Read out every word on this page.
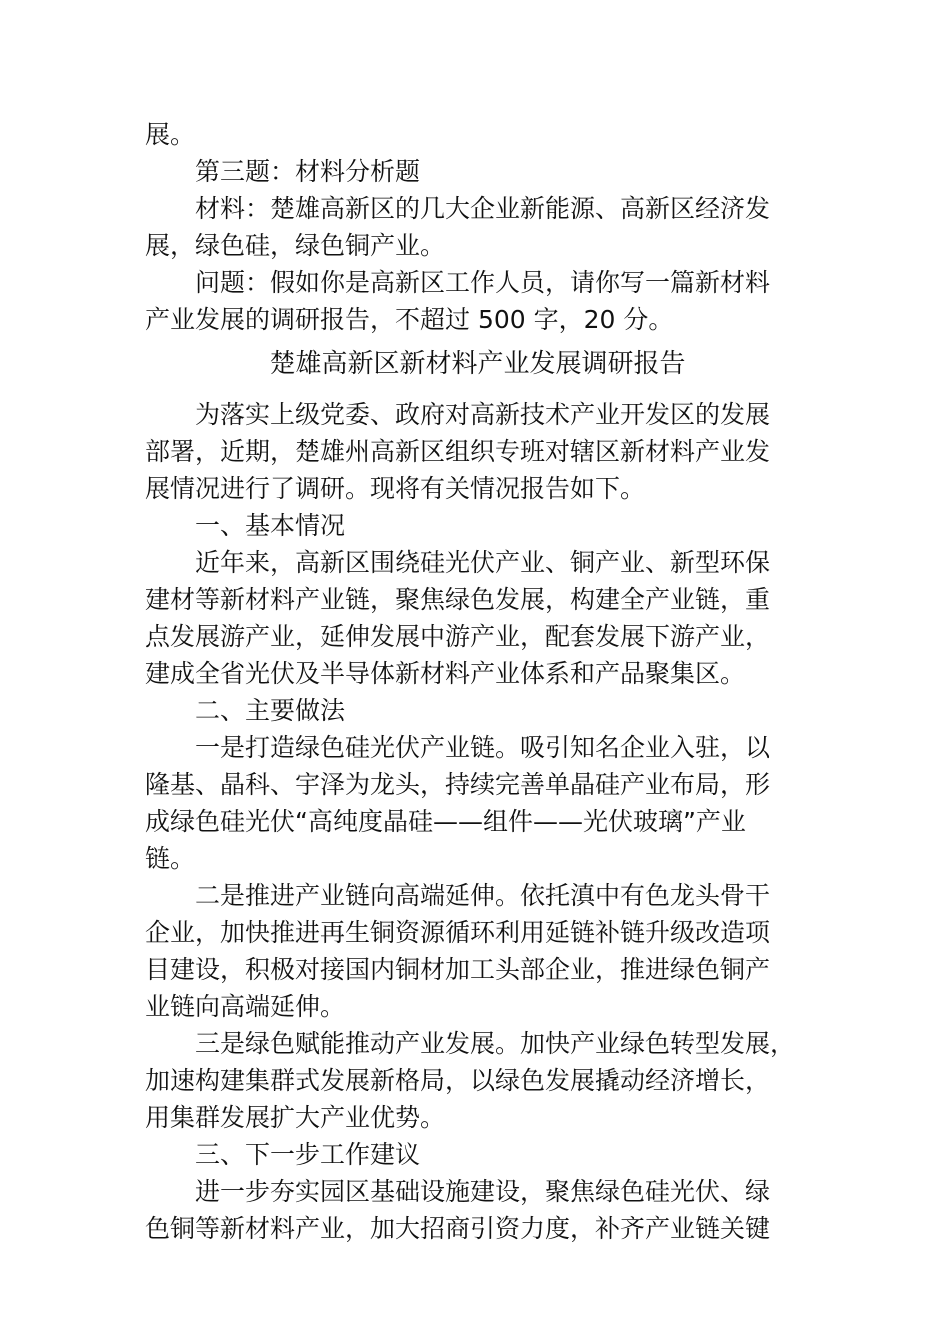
展。
第三题：材料分析题
材料：楚雄高新区的几大企业新能源、高新区经济发
展，绿色硅，绿色铜产业。
问题：假如你是高新区工作人员，请你写一篇新材料
产业发展的调研报告，不超过 500 字，20 分。
楚雄高新区新材料产业发展调研报告
为落实上级党委、政府对高新技术产业开发区的发展
部署，近期，楚雄州高新区组织专班对辖区新材料产业发
展情况进行了调研。现将有关情况报告如下。
一、基本情况
近年来，高新区围绕硅光伏产业、铜产业、新型环保
建材等新材料产业链，聚焦绿色发展，构建全产业链，重
点发展游产业，延伸发展中游产业，配套发展下游产业，
建成全省光伏及半导体新材料产业体系和产品聚集区。
二、主要做法
一是打造绿色硅光伏产业链。吸引知名企业入驻，以
隆基、晶科、宇泽为龙头，持续完善单晶硅产业布局，形
成绿色硅光伏“高纯度晶硅——组件——光伏玻璃”产业
链。
二是推进产业链向高端延伸。依托滇中有色龙头骨干
企业，加快推进再生铜资源循环利用延链补链升级改造项
目建设，积极对接国内铜材加工头部企业，推进绿色铜产
业链向高端延伸。
三是绿色赋能推动产业发展。加快产业绿色转型发展，
加速构建集群式发展新格局，以绿色发展撬动经济增长，
用集群发展扩大产业优势。
三、下一步工作建议
进一步夯实园区基础设施建设，聚焦绿色硅光伏、绿
色铜等新材料产业，加大招商引资力度，补齐产业链关键
